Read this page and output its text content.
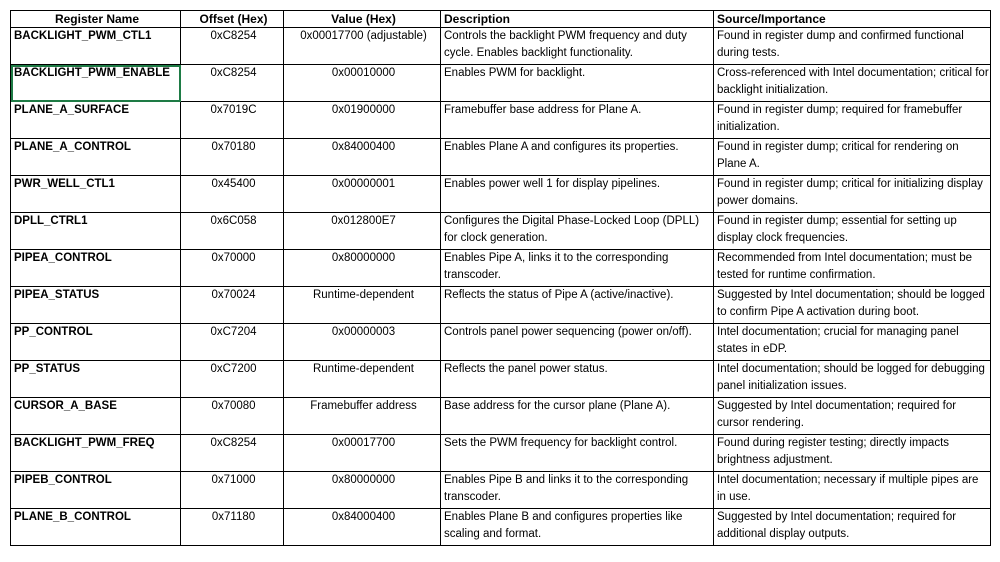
Register Name	Offset (Hex)	Value (Hex)	Description	Source/Importance
BACKLIGHT_PWM_CTL1	0xC8254	0x00017700 (adjustable)	Controls the backlight PWM frequency and duty cycle. Enables backlight functionality.	Found in register dump and confirmed functional during tests.
BACKLIGHT_PWM_ENABLE	0xC8254	0x00010000	Enables PWM for backlight.	Cross-referenced with Intel documentation; critical for backlight initialization.
PLANE_A_SURFACE	0x7019C	0x01900000	Framebuffer base address for Plane A.	Found in register dump; required for framebuffer initialization.
PLANE_A_CONTROL	0x70180	0x84000400	Enables Plane A and configures its properties.	Found in register dump; critical for rendering on Plane A.
PWR_WELL_CTL1	0x45400	0x00000001	Enables power well 1 for display pipelines.	Found in register dump; critical for initializing display power domains.
DPLL_CTRL1	0x6C058	0x012800E7	Configures the Digital Phase-Locked Loop (DPLL) for clock generation.	Found in register dump; essential for setting up display clock frequencies.
PIPEA_CONTROL	0x70000	0x80000000	Enables Pipe A, links it to the corresponding transcoder.	Recommended from Intel documentation; must be tested for runtime confirmation.
PIPEA_STATUS	0x70024	Runtime-dependent	Reflects the status of Pipe A (active/inactive).	Suggested by Intel documentation; should be logged to confirm Pipe A activation during boot.
PP_CONTROL	0xC7204	0x00000003	Controls panel power sequencing (power on/off).	Intel documentation; crucial for managing panel states in eDP.
PP_STATUS	0xC7200	Runtime-dependent	Reflects the panel power status.	Intel documentation; should be logged for debugging panel initialization issues.
CURSOR_A_BASE	0x70080	Framebuffer address	Base address for the cursor plane (Plane A).	Suggested by Intel documentation; required for cursor rendering.
BACKLIGHT_PWM_FREQ	0xC8254	0x00017700	Sets the PWM frequency for backlight control.	Found during register testing; directly impacts brightness adjustment.
PIPEB_CONTROL	0x71000	0x80000000	Enables Pipe B and links it to the corresponding transcoder.	Intel documentation; necessary if multiple pipes are in use.
PLANE_B_CONTROL	0x71180	0x84000400	Enables Plane B and configures properties like scaling and format.	Suggested by Intel documentation; required for additional display outputs.
